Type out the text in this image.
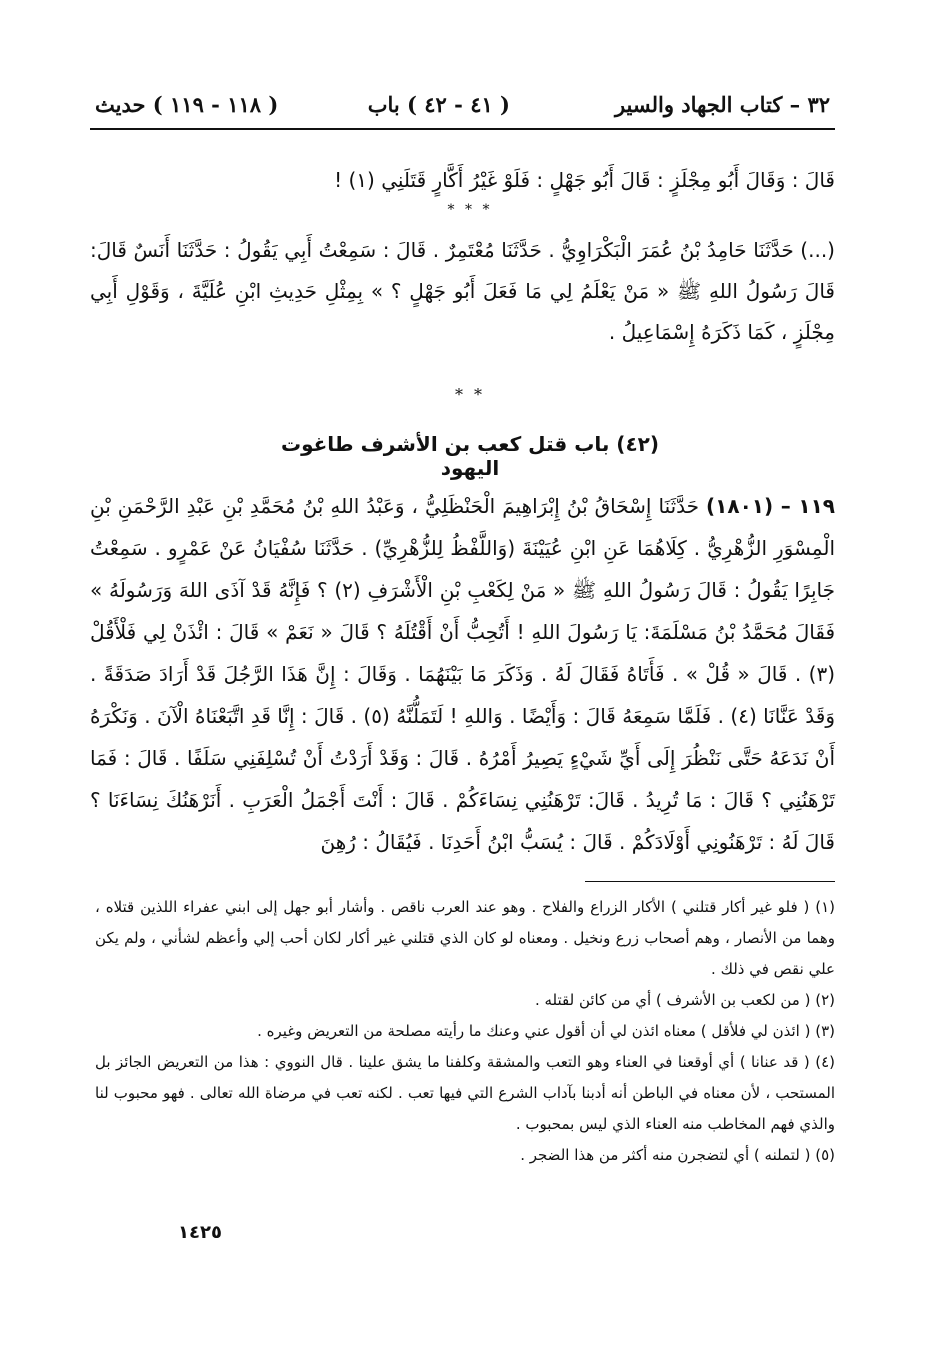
٣٢ – كتاب الجهاد والسير
( ٤١ - ٤٢ ) باب
( ١١٨ - ١١٩ ) حديث

قَالَ : وَقَالَ أَبُو مِجْلَزٍ : قَالَ أَبُو جَهْلٍ : فَلَوْ غَيْرُ أَكَّارٍ قَتَلَنِي (١) !

* * *

(...) حَدَّثَنَا حَامِدُ بْنُ عُمَرَ الْبَكْرَاوِيُّ . حَدَّثَنَا مُعْتَمِرٌ . قَالَ : سَمِعْتُ أَبِي يَقُولُ : حَدَّثَنَا أَنَسٌ قَالَ: قَالَ رَسُولُ اللهِ ﷺ « مَنْ يَعْلَمُ لِي مَا فَعَلَ أَبُو جَهْلٍ ؟ » بِمِثْلِ حَدِيثِ ابْنِ عُلَيَّةَ ، وَقَوْلِ أَبِي مِجْلَزٍ ، كَمَا ذَكَرَهُ إِسْمَاعِيلُ .

* *
(٤٢) باب قتل كعب بن الأشرف طاغوت اليهود

١١٩ – (١٨٠١) حَدَّثَنَا إِسْحَاقُ بْنُ إِبْرَاهِيمَ الْحَنْظَلِيُّ ، وَعَبْدُ اللهِ بْنُ مُحَمَّدِ بْنِ عَبْدِ الرَّحْمَنِ بْنِ الْمِسْوَرِ الزُّهْرِيُّ . كِلَاهُمَا عَنِ ابْنِ عُيَيْنَةَ (وَاللَّفْظُ لِلزُّهْرِيِّ) . حَدَّثَنَا سُفْيَانُ عَنْ عَمْرٍو . سَمِعْتُ جَابِرًا يَقُولُ : قَالَ رَسُولُ اللهِ ﷺ « مَنْ لِكَعْبِ بْنِ الْأَشْرَفِ (٢) ؟ فَإِنَّهُ قَدْ آذَى اللهَ وَرَسُولَهُ » فَقَالَ مُحَمَّدُ بْنُ مَسْلَمَةَ: يَا رَسُولَ اللهِ ! أَتُحِبُّ أَنْ أَقْتُلَهُ ؟ قَالَ « نَعَمْ » قَالَ : ائْذَنْ لِي فَلْأَقُلْ (٣) . قَالَ « قُلْ » . فَأَتَاهُ فَقَالَ لَهُ . وَذَكَرَ مَا بَيْنَهُمَا . وَقَالَ : إِنَّ هَذَا الرَّجُلَ قَدْ أَرَادَ صَدَقَةً . وَقَدْ عَنَّانَا (٤) . فَلَمَّا سَمِعَهُ قَالَ : وَأَيْضًا . وَاللهِ ! لَتَمَلُّنَّهُ (٥) . قَالَ : إِنَّا قَدِ اتَّبَعْنَاهُ الْآنَ . وَنَكْرَهُ أَنْ نَدَعَهُ حَتَّى نَنْظُرَ إِلَى أَيِّ شَيْءٍ يَصِيرُ أَمْرُهُ . قَالَ : وَقَدْ أَرَدْتُ أَنْ تُسْلِفَنِي سَلَفًا . قَالَ : فَمَا تَرْهَنُنِي ؟ قَالَ : مَا تُرِيدُ . قَالَ: تَرْهَنُنِي نِسَاءَكُمْ . قَالَ : أَنْتَ أَجْمَلُ الْعَرَبِ . أَنَرْهَنُكَ نِسَاءَنَا ؟ قَالَ لَهُ : تَرْهَنُونِي أَوْلَادَكُمْ . قَالَ : يُسَبُّ ابْنُ أَحَدِنَا . فَيُقَالُ : رُهِنَ

(١) ( فلو غير أكار قتلني ) الأكار الزراع والفلاح . وهو عند العرب ناقص . وأشار أبو جهل إلى ابني عفراء اللذين قتلاه ، وهما من الأنصار ، وهم أصحاب زرع ونخيل . ومعناه لو كان الذي قتلني غير أكار لكان أحب إلي وأعظم لشأني ، ولم يكن علي نقص في ذلك .

(٢) ( من لكعب بن الأشرف ) أي من كائن لقتله .

(٣) ( ائذن لي فلأقل ) معناه ائذن لي أن أقول عني وعنك ما رأيته مصلحة من التعريض وغيره .

(٤) ( قد عنانا ) أي أوقعنا في العناء وهو التعب والمشقة وكلفنا ما يشق علينا . قال النووي : هذا من التعريض الجائز بل المستحب ، لأن معناه في الباطن أنه أدبنا بآداب الشرع التي فيها تعب . لكنه تعب في مرضاة الله تعالى . فهو محبوب لنا والذي فهم المخاطب منه العناء الذي ليس بمحبوب .

(٥) ( لتملنه ) أي لتضجرن منه أكثر من هذا الضجر .

١٤٢٥
